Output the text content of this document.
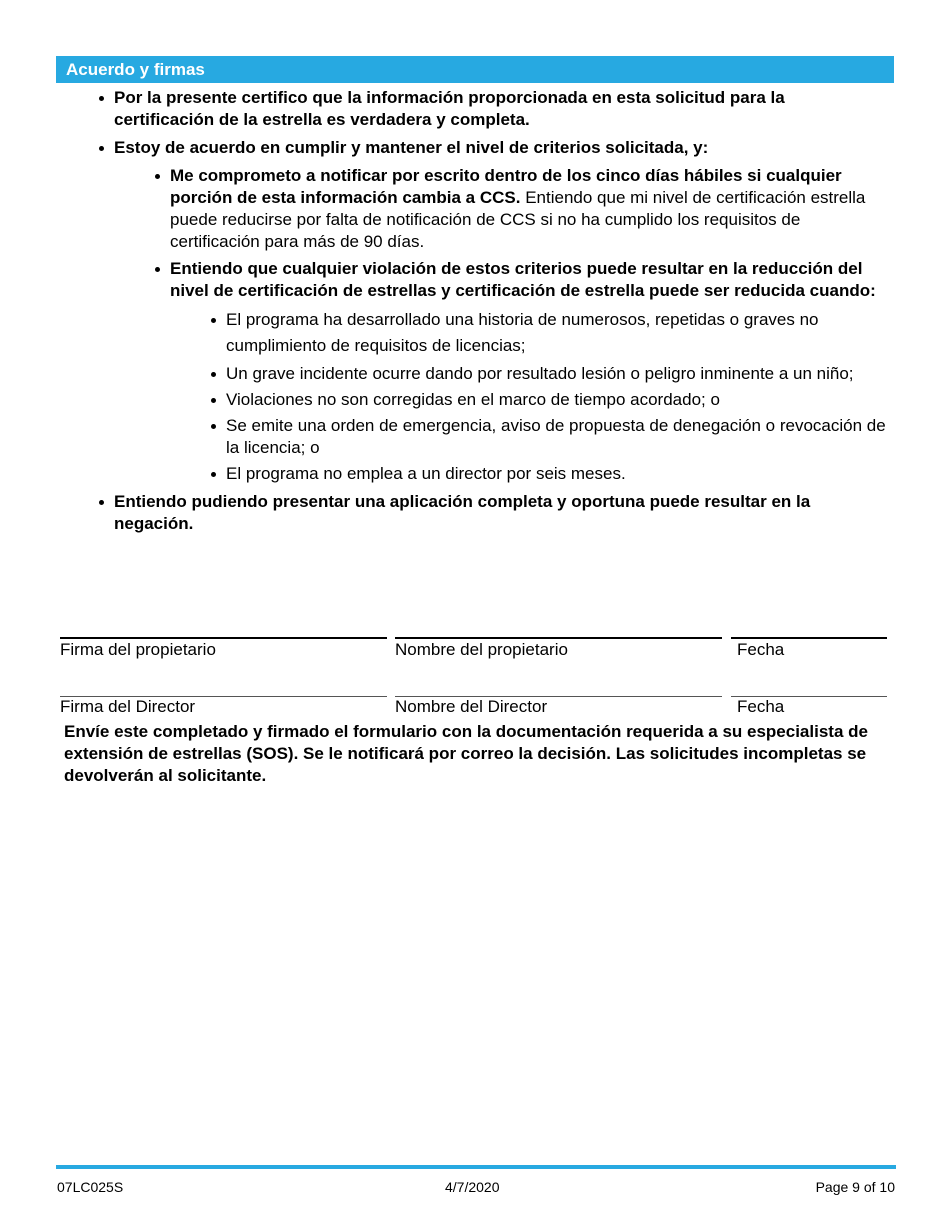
Acuerdo y firmas
Por la presente certifico que la información proporcionada en esta solicitud para la certificación de la estrella es verdadera y completa.
Estoy de acuerdo en cumplir y mantener el nivel de criterios solicitada, y:
Me comprometo a notificar por escrito dentro de los cinco días hábiles si cualquier porción de esta información cambia a CCS. Entiendo que mi nivel de certificación estrella puede reducirse por falta de notificación de CCS si no ha cumplido los requisitos de certificación para más de 90 días.
Entiendo que cualquier violación de estos criterios puede resultar en la reducción del nivel de certificación de estrellas y certificación de estrella puede ser reducida cuando:
El programa ha desarrollado una historia de numerosos, repetidas o graves no cumplimiento de requisitos de licencias;
Un grave incidente ocurre dando por resultado lesión o peligro inminente a un niño;
Violaciones no son corregidas en el marco de tiempo acordado; o
Se emite una orden de emergencia, aviso de propuesta de denegación o revocación de la licencia; o
El programa no emplea a un director por seis meses.
Entiendo pudiendo presentar una aplicación completa y oportuna puede resultar en la negación.
Firma del propietario	Nombre del propietario	Fecha
Firma del Director	Nombre del Director	Fecha
Envíe este completado y firmado el formulario con la documentación requerida a su especialista de extensión de estrellas (SOS). Se le notificará por correo la decisión. Las solicitudes incompletas se devolverán al solicitante.
07LC025S	4/7/2020	Page 9 of 10
